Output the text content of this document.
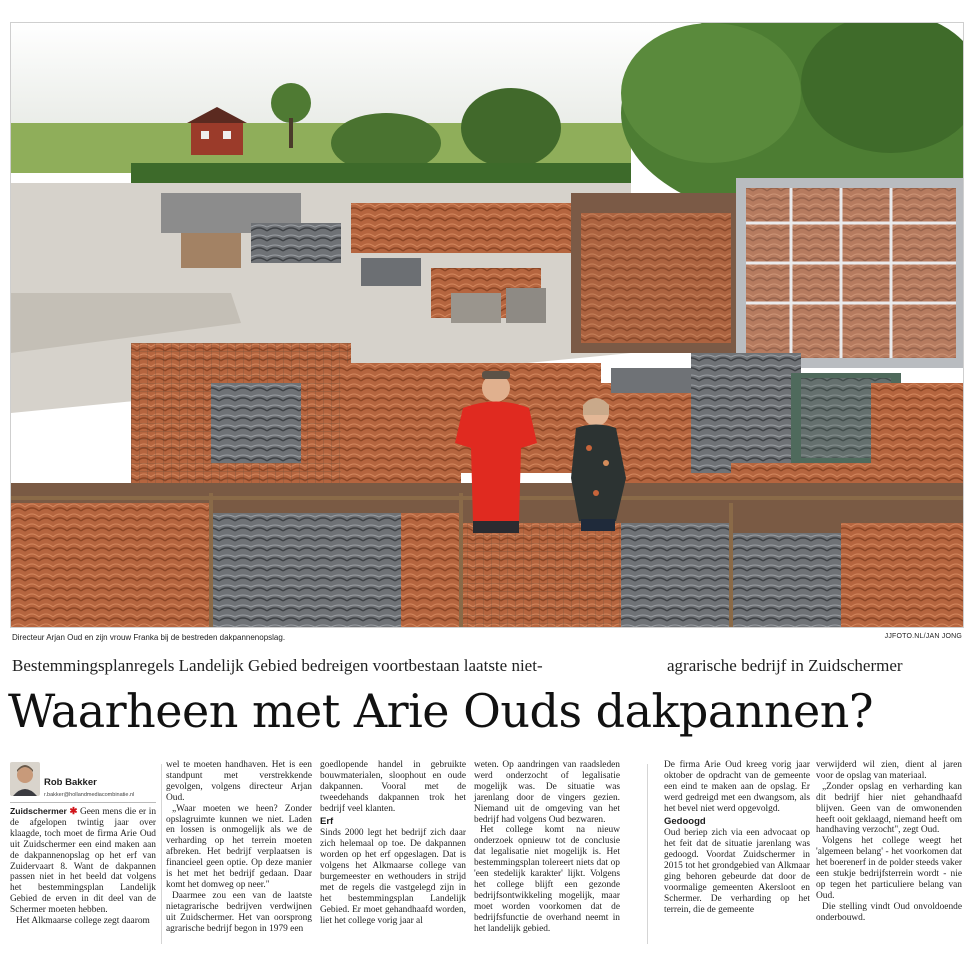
Directeur Arjan Oud en zijn vrouw Franka bij de bestreden dakpannenopslag.	JJFOTO.NL/JAN JONG
Bestemmingsplanregels Landelijk Gebied bedreigen voortbestaan laatste niet-	agrarische bedrijf in Zuidschermer
Waarheen met Arie Ouds dakpannen?
Rob Bakker
r.bakker@hollandmediacombinatie.nl

Zuidschermer ✱ Geen mens die er in de afgelopen twintig jaar over klaagde, toch moet de firma Arie Oud uit Zuidschermer een eind maken aan de dakpannenopslag op het erf van Zuidervaart 8. Want de dakpannen passen niet in het beeld dat volgens het bestemmingsplan Landelijk Gebied de erven in dit deel van de Schermer moeten hebben.

Het Alkmaarse college zegt daarom

wel te moeten handhaven. Het is een standpunt met verstrekkende gevolgen, volgens directeur Arjan Oud.

„Waar moeten we heen? Zonder opslagruimte kunnen we niet. Laden en lossen is onmogelijk als we de verharding op het terrein moeten afbreken. Het bedrijf verplaatsen is financieel geen optie. Op deze manier is het met het bedrijf gedaan. Daar komt het domweg op neer."

Daarmee zou een van de laatste nietagrarische bedrijven verdwijnen uit Zuidschermer. Het van oorsprong agrarische bedrijf begon in 1979 een

goedlopende handel in gebruikte bouwmaterialen, sloophout en oude dakpannen. Vooral met de tweedehands dakpannen trok het bedrijf veel klanten.

Erf

Sinds 2000 legt het bedrijf zich daar zich helemaal op toe. De dakpannen worden op het erf opgeslagen. Dat is volgens het Alkmaarse college van burgemeester en wethouders in strijd met de regels die vastgelegd zijn in het bestemmingsplan Landelijk Gebied. Er moet gehandhaafd worden, liet het college vorig jaar al

weten. Op aandringen van raadsleden werd onderzocht of legalisatie mogelijk was. De situatie was jarenlang door de vingers gezien. Niemand uit de omgeving van het bedrijf had volgens Oud bezwaren.

Het college komt na nieuw onderzoek opnieuw tot de conclusie dat legalisatie niet mogelijk is. Het bestemmingsplan tolereert niets dat op 'een stedelijk karakter' lijkt. Volgens het college blijft een gezonde bedrijfsontwikkeling mogelijk, maar moet worden voorkomen dat de bedrijfsfunctie de overhand neemt in het landelijk gebied.

De firma Arie Oud kreeg vorig jaar oktober de opdracht van de gemeente een eind te maken aan de opslag. Er werd gedreigd met een dwangsom, als het bevel niet werd opgevolgd.

Gedoogd

Oud beriep zich via een advocaat op het feit dat de situatie jarenlang was gedoogd. Voordat Zuidschermer in 2015 tot het grondgebied van Alkmaar ging behoren gebeurde dat door de voormalige gemeenten Akersloot en Schermer. De verharding op het terrein, die de gemeente

verwijderd wil zien, dient al jaren voor de opslag van materiaal.

„Zonder opslag en verharding kan dit bedrijf hier niet gehandhaafd blijven. Geen van de omwonenden heeft ooit geklaagd, niemand heeft om handhaving verzocht", zegt Oud.

Volgens het college weegt het 'algemeen belang' - het voorkomen dat het boerenerf in de polder steeds vaker een stukje bedrijfsterrein wordt - nie op tegen het particuliere belang van Oud.

Die stelling vindt Oud onvoldoende onderbouwd.
